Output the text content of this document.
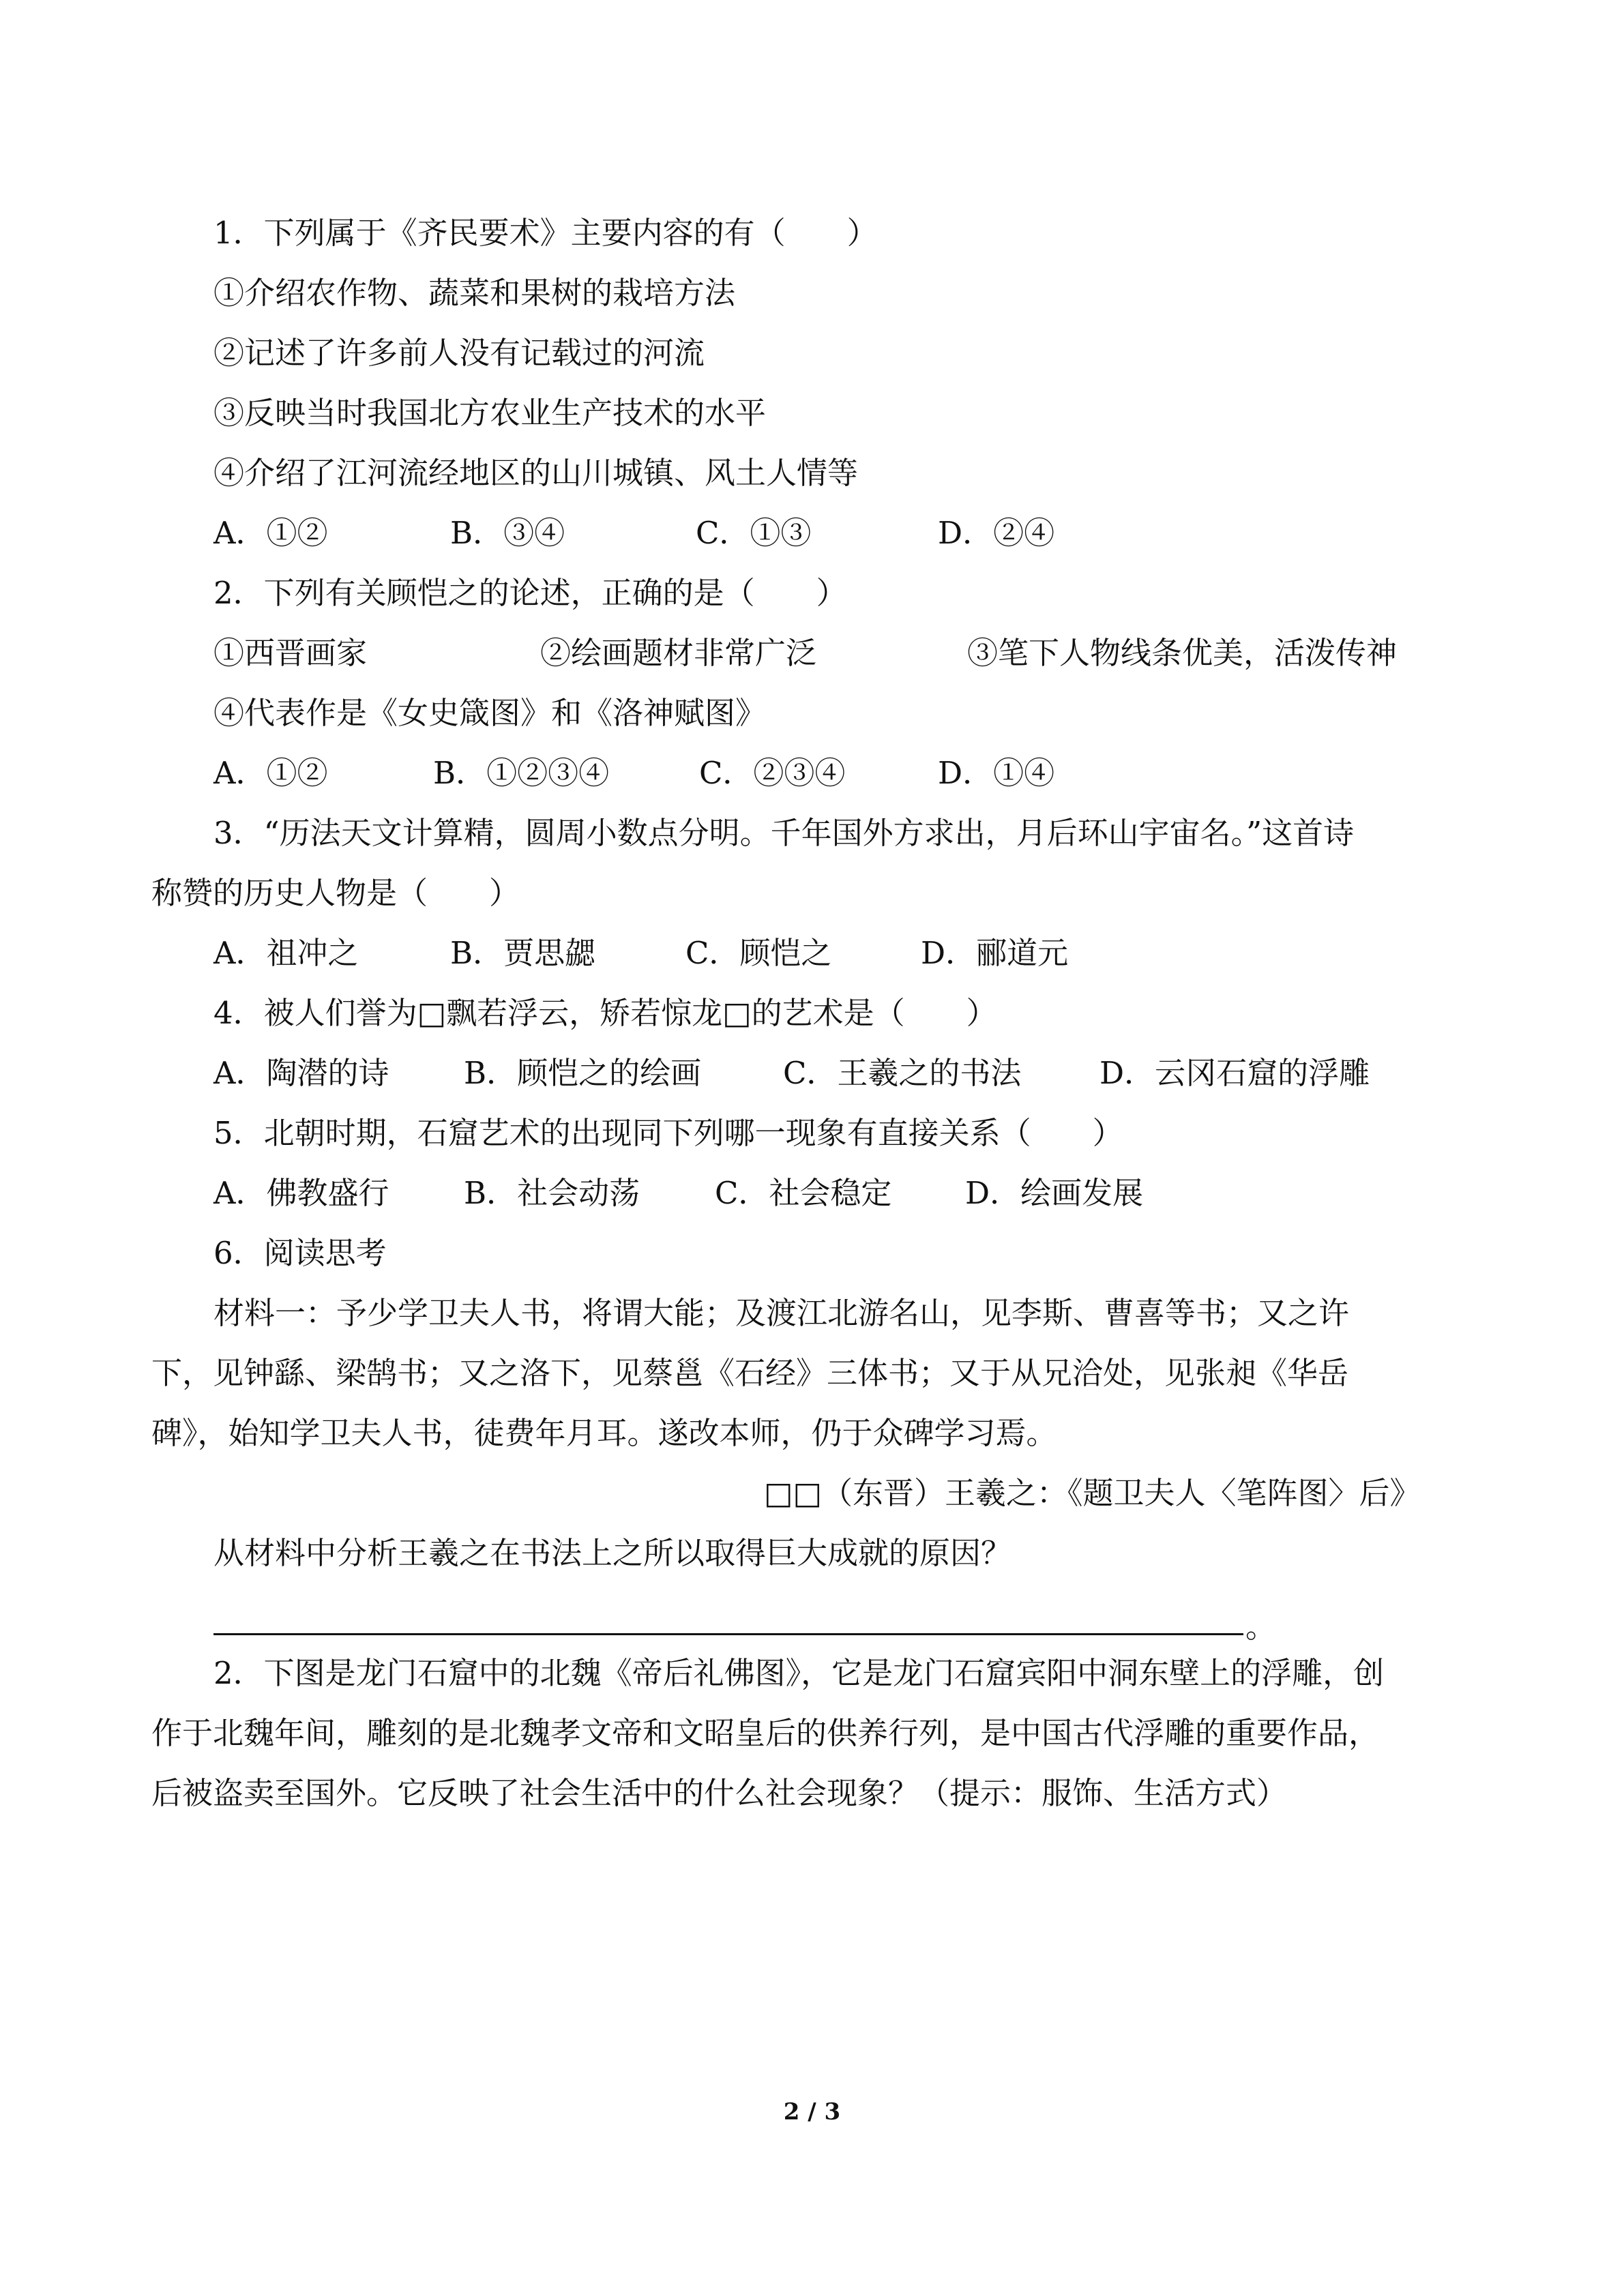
1．下列属于《齐民要术》主要内容的有（　　）
①介绍农作物、蔬菜和果树的栽培方法
②记述了许多前人没有记载过的河流
③反映当时我国北方农业生产技术的水平
④介绍了江河流经地区的山川城镇、风土人情等
A．①②	B．③④	C．①③	D．②④
2．下列有关顾恺之的论述，正确的是（　　）
①西晋画家	②绘画题材非常广泛	③笔下人物线条优美，活泼传神
④代表作是《女史箴图》和《洛神赋图》
A．①②	B．①②③④	C．②③④	D．①④
3．“历法天文计算精，圆周小数点分明。千年国外方求出，月后环山宇宙名。”这首诗
称赞的历史人物是（　　）
A．祖冲之	B．贾思勰	C．顾恺之	D．郦道元
4．被人们誉为□飘若浮云，矫若惊龙□的艺术是（　　）
A．陶潜的诗 B．顾恺之的绘画	C．王羲之的书法	D．云冈石窟的浮雕
5．北朝时期，石窟艺术的出现同下列哪一现象有直接关系（　　）
A．佛教盛行 B．社会动荡 C．社会稳定 D．绘画发展
6．阅读思考
材料一：予少学卫夫人书，将谓大能；及渡江北游名山，见李斯、曹喜等书；又之许
下，见钟繇、梁鹄书；又之洛下，见蔡邕《石经》三体书；又于从兄洽处，见张昶《华岳
碑》，始知学卫夫人书，徒费年月耳。遂改本师，仍于众碑学习焉。
□□（东晋）王羲之：《题卫夫人〈笔阵图〉后》
从材料中分析王羲之在书法上之所以取得巨大成就的原因？
。
2．下图是龙门石窟中的北魏《帝后礼佛图》，它是龙门石窟宾阳中洞东壁上的浮雕，创
作于北魏年间，雕刻的是北魏孝文帝和文昭皇后的供养行列，是中国古代浮雕的重要作品，
后被盗卖至国外。它反映了社会生活中的什么社会现象？（提示：服饰、生活方式）
2 / 3
